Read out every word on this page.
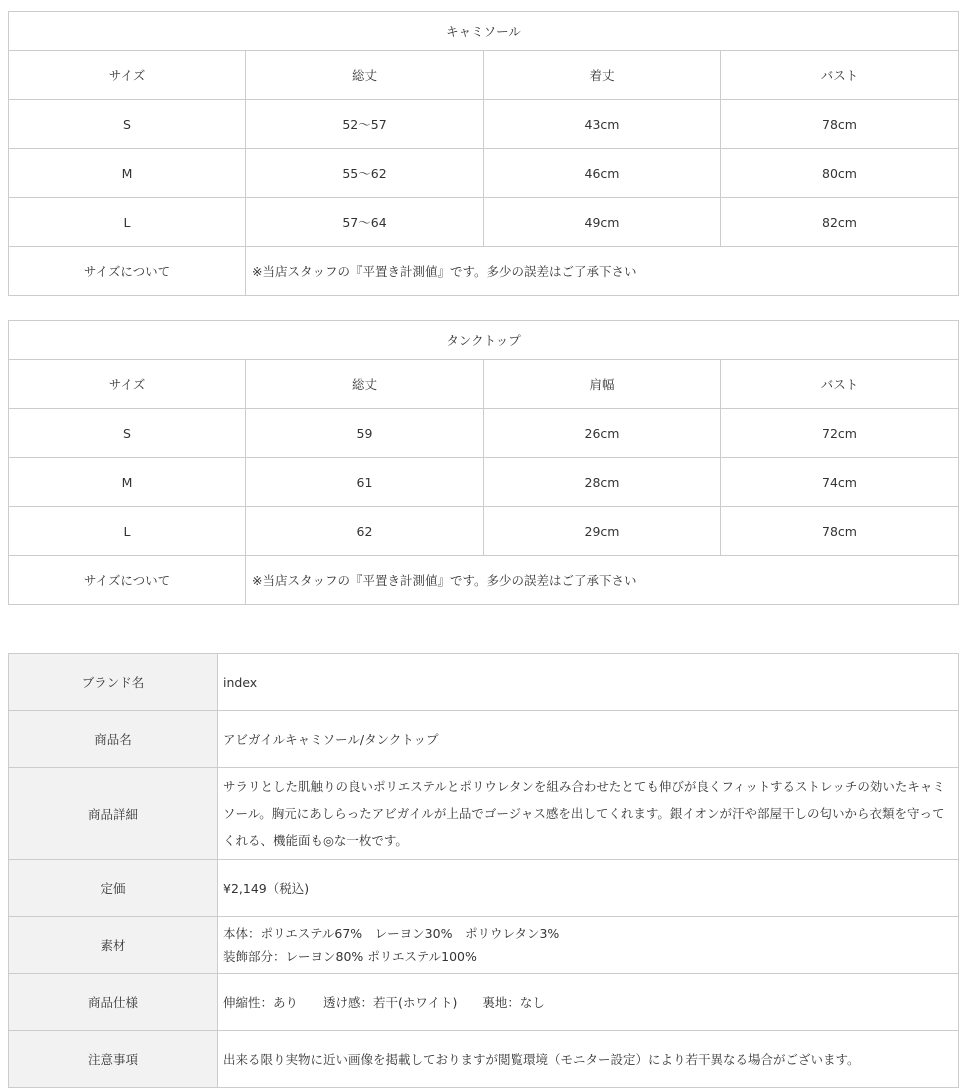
キャミソール			
サイズ	総丈	着丈	バスト
S	52〜57	43cm	78cm
M	55〜62	46cm	80cm
L	57〜64	49cm	82cm
サイズについて	※当店スタッフの『平置き計測値』です。多少の誤差はご了承下さい		
タンクトップ			
サイズ	総丈	肩幅	バスト
S	59	26cm	72cm
M	61	28cm	74cm
L	62	29cm	78cm
サイズについて	※当店スタッフの『平置き計測値』です。多少の誤差はご了承下さい		
ブランド名	index
商品名	アビガイルキャミソール/タンクトップ
商品詳細	サラリとした肌触りの良いポリエステルとポリウレタンを組み合わせたとても伸びが良くフィットするストレッチの効いたキャミソール。胸元にあしらったアビガイルが上品でゴージャス感を出してくれます。銀イオンが汗や部屋干しの匂いから衣類を守ってくれる、機能面も◎な一枚です。
定価	¥2,149（税込)
素材	本体：ポリエステル67%　レーヨン30%　ポリウレタン3%
装飾部分：レーヨン80% ポリエステル100%

商品仕様	伸縮性：あり　　透け感：若干(ホワイト)　　裏地：なし
注意事項	出来る限り実物に近い画像を掲載しておりますが閲覧環境（モニター設定）により若干異なる場合がございます。
